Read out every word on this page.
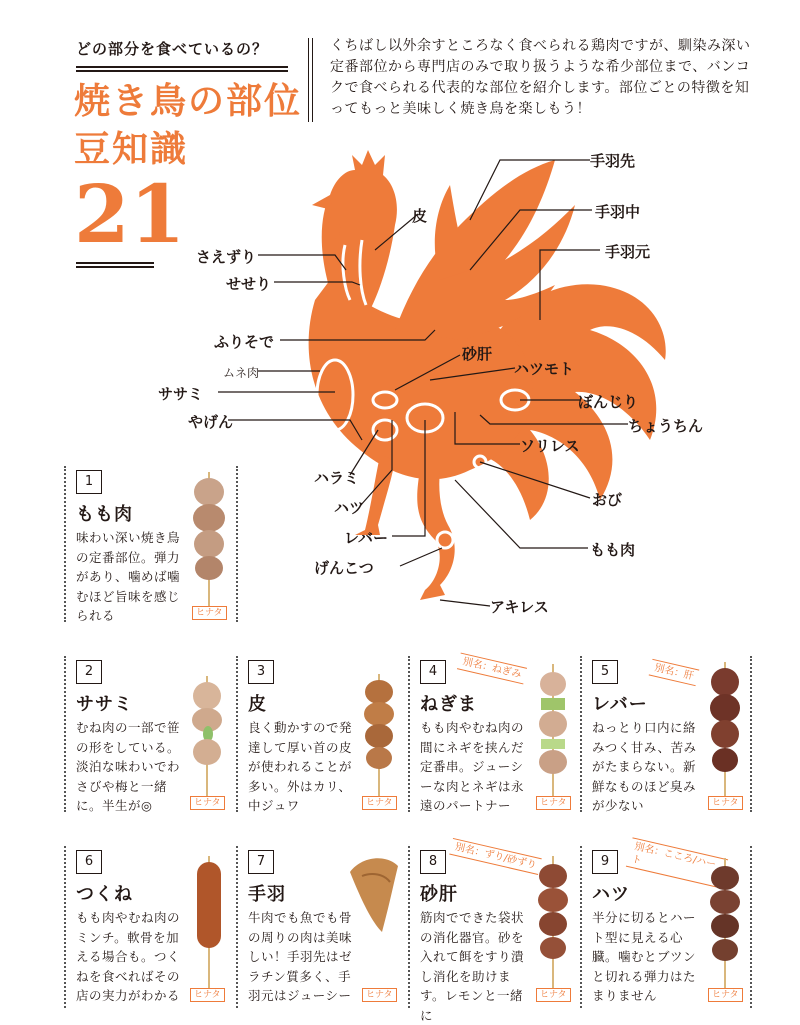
どの部分を食べているの？
焼き鳥の部位
豆知識
21
くちばし以外余すところなく食べられる鶏肉ですが、馴染み深い定番部位から専門店のみで取り扱うような希少部位まで、バンコクで食べられる代表的な部位を紹介します。部位ごとの特徴を知ってもっと美味しく焼き鳥を楽しもう！
手羽先
手羽中
手羽元
皮
さえずり
せせり
ふりそで
砂肝
ハツモト
ムネ肉
ササミ	ぼんじり
やげん	ちょうちん
ソリレス
ハラミ
おび
ハツ
レバー
もも肉
げんこつ
アキレス
1
もも肉
味わい深い焼き鳥の定番部位。弾力があり、噛めば噛むほど旨味を感じられる	ヒナタ
2
ササミ
むね肉の一部で笹の形をしている。淡泊な味わいでわさびや梅と一緒に。半生が◎	ヒナタ
3
皮
良く動かすので発達して厚い首の皮が使われることが多い。外はカリ、中ジュワ	ヒナタ
4	別名：ねぎみ
ねぎま
もも肉やむね肉の間にネギを挟んだ定番串。ジューシーな肉とネギは永遠のパートナー	ヒナタ
5	別名：肝
レバー
ねっとり口内に絡みつく甘み、苦みがたまらない。新鮮なものほど臭みが少ない	ヒナタ
6
つくね
もも肉やむね肉のミンチ。軟骨を加える場合も。つくねを食べればその店の実力がわかる	ヒナタ
7
手羽
牛肉でも魚でも骨の周りの肉は美味しい！手羽先はゼラチン質多く、手羽元はジューシー	ヒナタ
8	別名：ずり/砂ずり
砂肝
筋肉でできた袋状の消化器官。砂を入れて餌をすり潰し消化を助けます。レモンと一緒に
ヒナタ
9	別名：こころ/ハート
ハツ
半分に切るとハート型に見える心臓。噛むとブツンと切れる弾力はたまりません	ヒナタ
